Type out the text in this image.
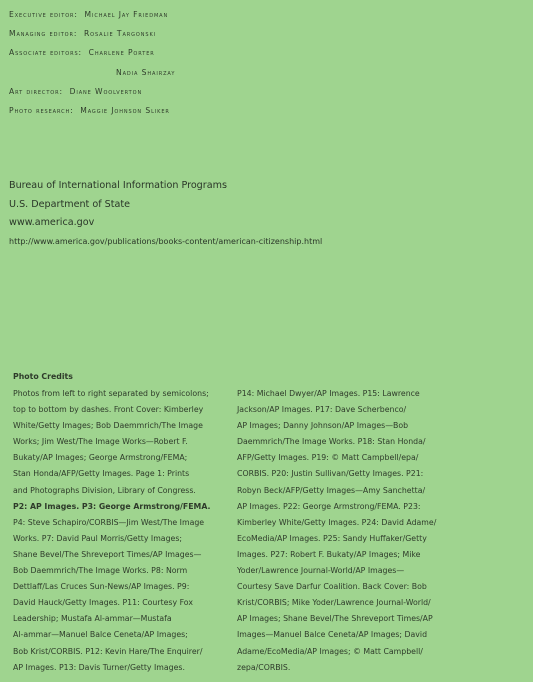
Executive editor: Michael Jay Friedman
Managing editor: Rosalie Targonski
Associate editors: Charlene Porter
Nadia Shairzay
Art director: Diane Woolverton
Photo research: Maggie Johnson Sliker
Bureau of International Information Programs
U.S. Department of State
www.america.gov
http://www.america.gov/publications/books-content/american-citizenship.html
Photo Credits
Photos from left to right separated by semicolons;
top to bottom by dashes. Front Cover: Kimberley
White/Getty Images; Bob Daemmrich/The Image
Works; Jim West/The Image Works—Robert F.
Bukaty/AP Images; George Armstrong/FEMA;
Stan Honda/AFP/Getty Images. Page 1: Prints
and Photographs Division, Library of Congress.
P2: AP Images. P3: George Armstrong/FEMA.
P4: Steve Schapiro/CORBIS—Jim West/The Image
Works. P7: David Paul Morris/Getty Images;
Shane Bevel/The Shreveport Times/AP Images—
Bob Daemmrich/The Image Works. P8: Norm
Dettlaff/Las Cruces Sun-News/AP Images. P9:
David Hauck/Getty Images. P11: Courtesy Fox
Leadership; Mustafa Al-ammar—Mustafa
Al-ammar—Manuel Balce Ceneta/AP Images;
Bob Krist/CORBIS. P12: Kevin Hare/The Enquirer/
AP Images. P13: Davis Turner/Getty Images.
P14: Michael Dwyer/AP Images. P15: Lawrence
Jackson/AP Images. P17: Dave Scherbenco/
AP Images; Danny Johnson/AP Images—Bob
Daemmrich/The Image Works. P18: Stan Honda/
AFP/Getty Images. P19: © Matt Campbell/epa/
CORBIS. P20: Justin Sullivan/Getty Images. P21:
Robyn Beck/AFP/Getty Images—Amy Sanchetta/
AP Images. P22: George Armstrong/FEMA. P23:
Kimberley White/Getty Images. P24: David Adame/
EcoMedia/AP Images. P25: Sandy Huffaker/Getty
Images. P27: Robert F. Bukaty/AP Images; Mike
Yoder/Lawrence Journal-World/AP Images—
Courtesy Save Darfur Coalition. Back Cover: Bob
Krist/CORBIS; Mike Yoder/Lawrence Journal-World/
AP Images; Shane Bevel/The Shreveport Times/AP
Images—Manuel Balce Ceneta/AP Images; David
Adame/EcoMedia/AP Images; © Matt Campbell/
zepa/CORBIS.
